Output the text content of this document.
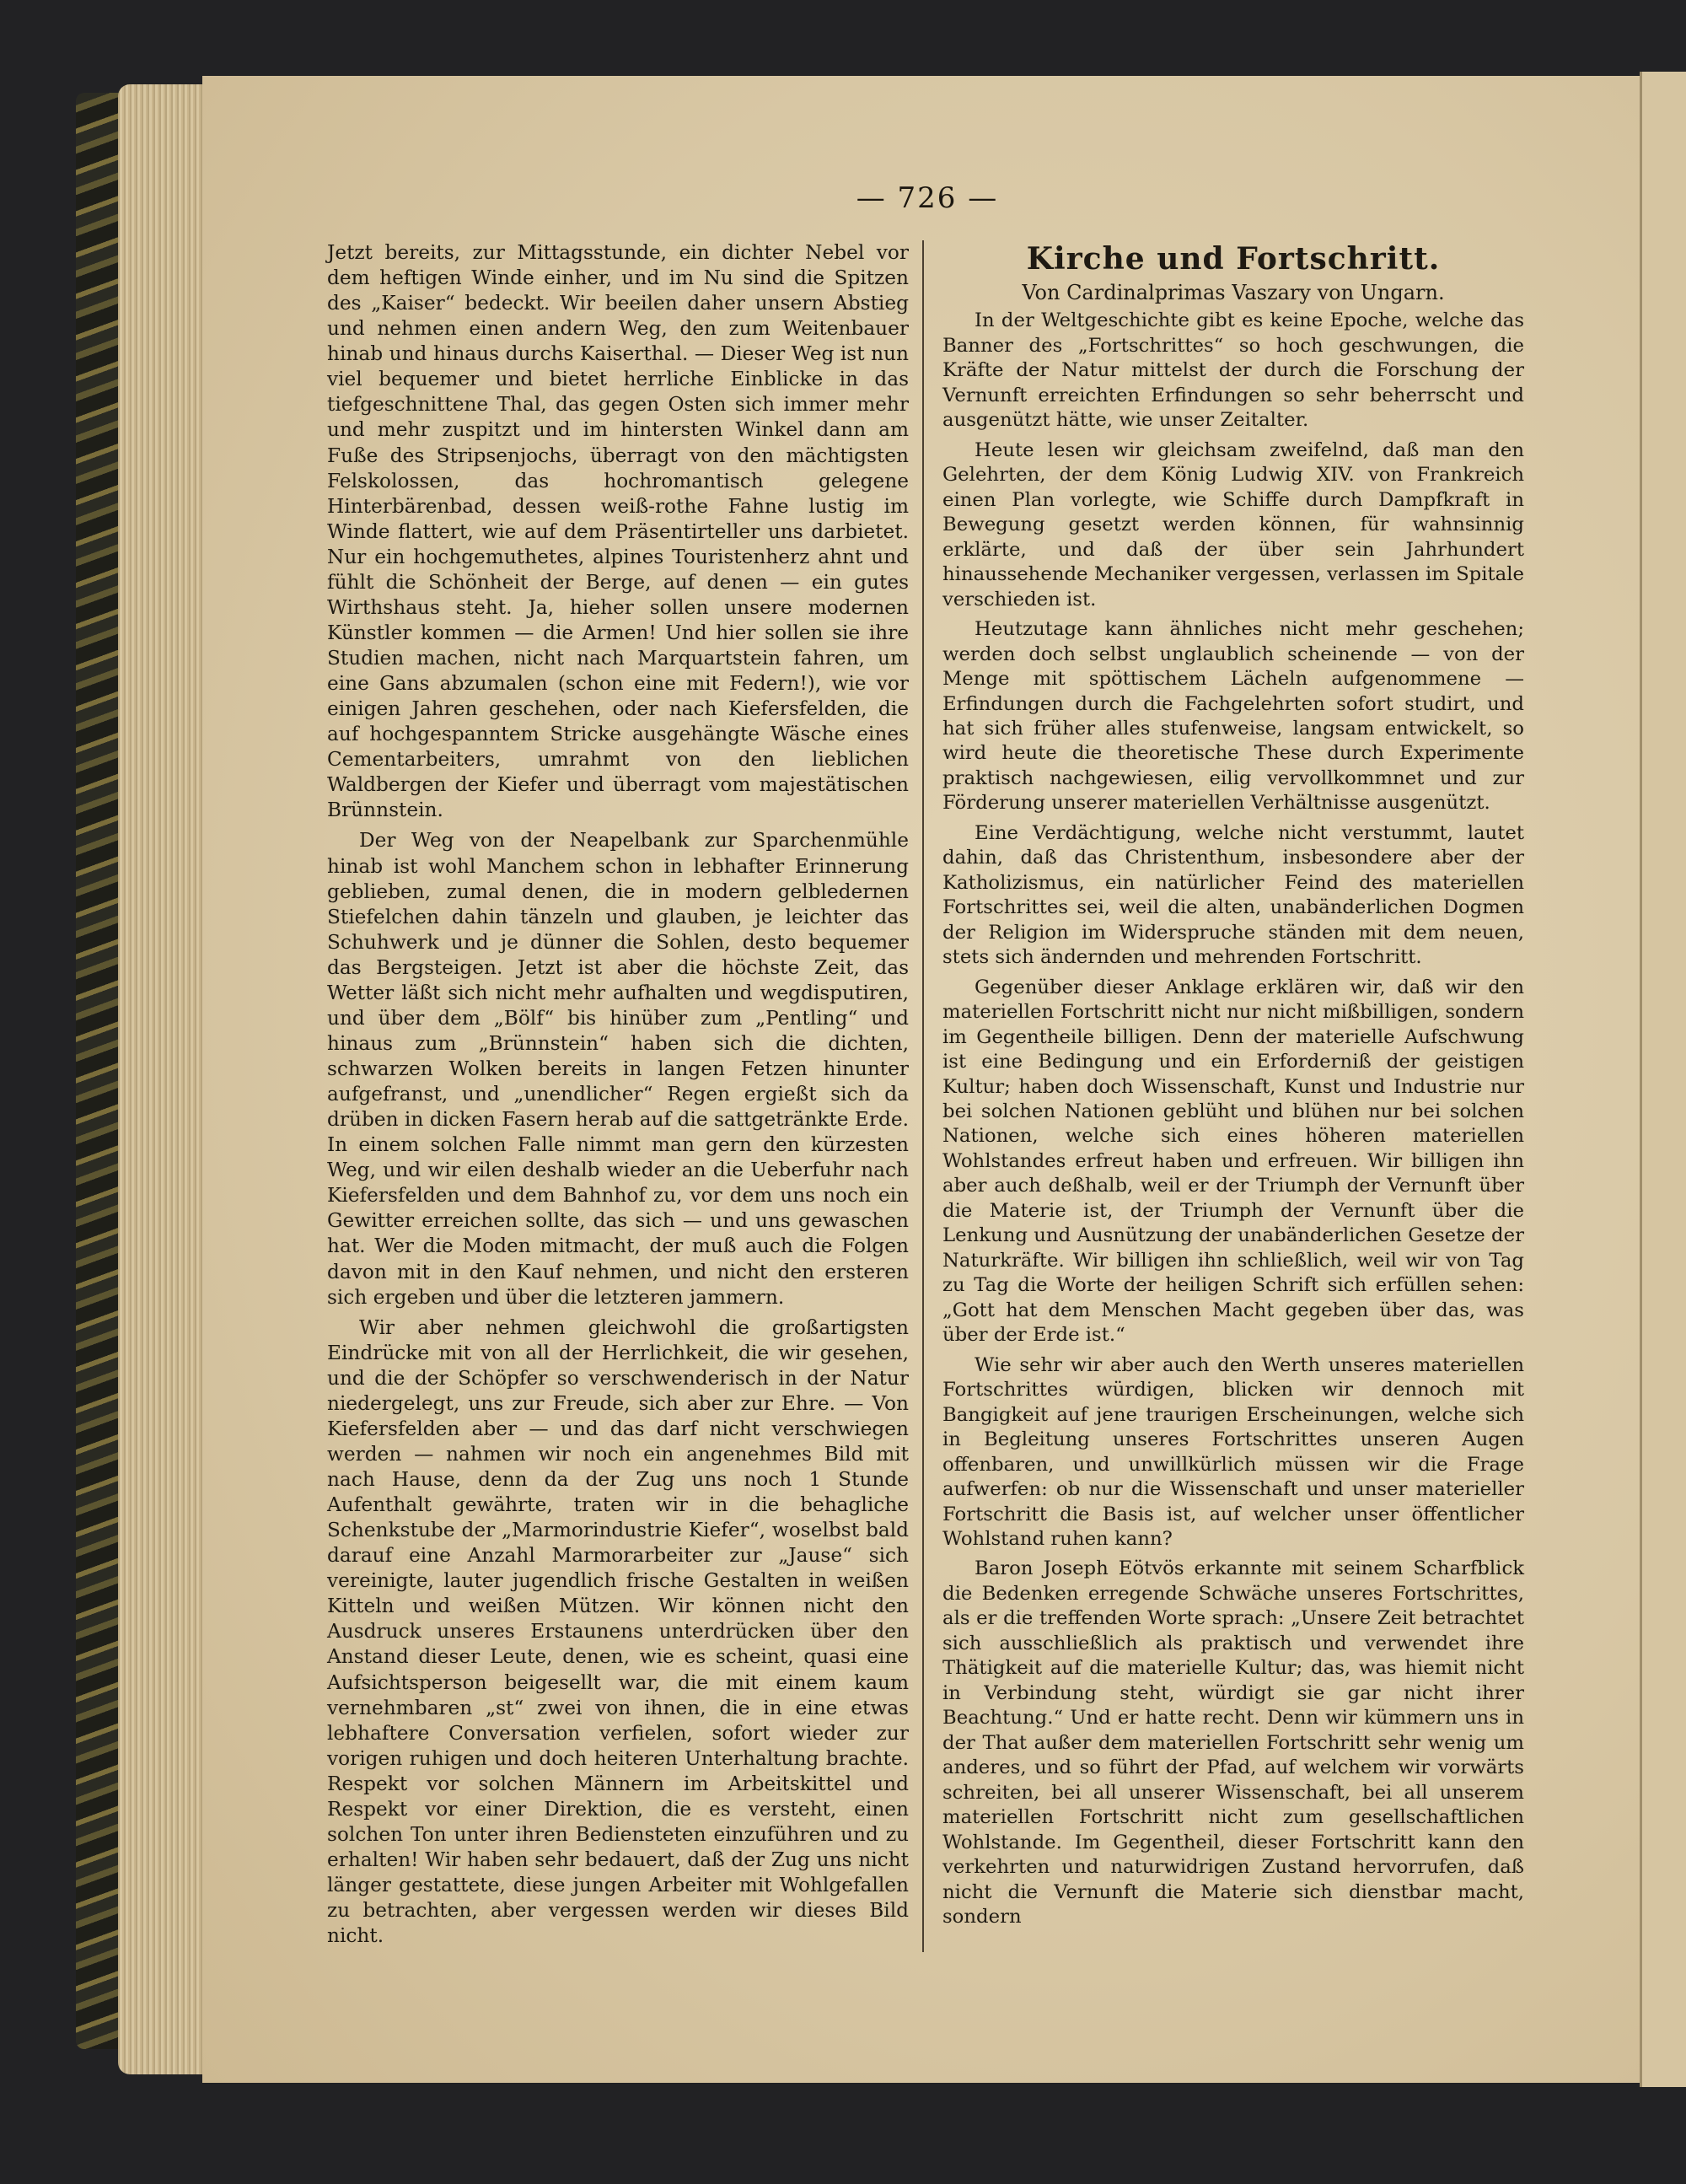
— 726 —

Jetzt bereits, zur Mittagsstunde, ein dichter Nebel vor dem heftigen Winde einher, und im Nu sind die Spitzen des „Kaiser“ bedeckt. Wir beeilen daher unsern Abstieg und nehmen einen andern Weg, den zum Weitenbauer hinab und hinaus durchs Kaiserthal. — Dieser Weg ist nun viel bequemer und bietet herrliche Einblicke in das tiefgeschnittene Thal, das gegen Osten sich immer mehr und mehr zuspitzt und im hintersten Winkel dann am Fuße des Stripsenjochs, überragt von den mächtigsten Felskolossen, das hochromantisch gelegene Hinterbärenbad, dessen weiß-rothe Fahne lustig im Winde flattert, wie auf dem Präsentirteller uns darbietet. Nur ein hochgemuthetes, alpines Touristenherz ahnt und fühlt die Schönheit der Berge, auf denen — ein gutes Wirthshaus steht. Ja, hieher sollen unsere modernen Künstler kommen — die Armen! Und hier sollen sie ihre Studien machen, nicht nach Marquartstein fahren, um eine Gans abzumalen (schon eine mit Federn!), wie vor einigen Jahren geschehen, oder nach Kiefersfelden, die auf hochgespanntem Stricke ausgehängte Wäsche eines Cementarbeiters, umrahmt von den lieblichen Waldbergen der Kiefer und überragt vom majestätischen Brünnstein.

Der Weg von der Neapelbank zur Sparchenmühle hinab ist wohl Manchem schon in lebhafter Erinnerung geblieben, zumal denen, die in modern gelbledernen Stiefelchen dahin tänzeln und glauben, je leichter das Schuhwerk und je dünner die Sohlen, desto bequemer das Bergsteigen. Jetzt ist aber die höchste Zeit, das Wetter läßt sich nicht mehr aufhalten und wegdisputiren, und über dem „Bölf“ bis hinüber zum „Pentling“ und hinaus zum „Brünnstein“ haben sich die dichten, schwarzen Wolken bereits in langen Fetzen hinunter aufgefranst, und „unendlicher“ Regen ergießt sich da drüben in dicken Fasern herab auf die sattgetränkte Erde. In einem solchen Falle nimmt man gern den kürzesten Weg, und wir eilen deshalb wieder an die Ueberfuhr nach Kiefersfelden und dem Bahnhof zu, vor dem uns noch ein Gewitter erreichen sollte, das sich — und uns gewaschen hat. Wer die Moden mitmacht, der muß auch die Folgen davon mit in den Kauf nehmen, und nicht den ersteren sich ergeben und über die letzteren jammern.

Wir aber nehmen gleichwohl die großartigsten Eindrücke mit von all der Herrlichkeit, die wir gesehen, und die der Schöpfer so verschwenderisch in der Natur niedergelegt, uns zur Freude, sich aber zur Ehre. — Von Kiefersfelden aber — und das darf nicht verschwiegen werden — nahmen wir noch ein angenehmes Bild mit nach Hause, denn da der Zug uns noch 1 Stunde Aufenthalt gewährte, traten wir in die behagliche Schenkstube der „Marmorindustrie Kiefer“, woselbst bald darauf eine Anzahl Marmorarbeiter zur „Jause“ sich vereinigte, lauter jugendlich frische Gestalten in weißen Kitteln und weißen Mützen. Wir können nicht den Ausdruck unseres Erstaunens unterdrücken über den Anstand dieser Leute, denen, wie es scheint, quasi eine Aufsichtsperson beigesellt war, die mit einem kaum vernehmbaren „st“ zwei von ihnen, die in eine etwas lebhaftere Conversation verfielen, sofort wieder zur vorigen ruhigen und doch heiteren Unterhaltung brachte. Respekt vor solchen Männern im Arbeitskittel und Respekt vor einer Direktion, die es versteht, einen solchen Ton unter ihren Bediensteten einzuführen und zu erhalten! Wir haben sehr bedauert, daß der Zug uns nicht länger gestattete, diese jungen Arbeiter mit Wohlgefallen zu betrachten, aber vergessen werden wir dieses Bild nicht.

Kirche und Fortschritt.
Von Cardinalprimas Vaszary von Ungarn.

In der Weltgeschichte gibt es keine Epoche, welche das Banner des „Fortschrittes“ so hoch geschwungen, die Kräfte der Natur mittelst der durch die Forschung der Vernunft erreichten Erfindungen so sehr beherrscht und ausgenützt hätte, wie unser Zeitalter.

Heute lesen wir gleichsam zweifelnd, daß man den Gelehrten, der dem König Ludwig XIV. von Frankreich einen Plan vorlegte, wie Schiffe durch Dampfkraft in Bewegung gesetzt werden können, für wahnsinnig erklärte, und daß der über sein Jahrhundert hinaussehende Mechaniker vergessen, verlassen im Spitale verschieden ist.

Heutzutage kann ähnliches nicht mehr geschehen; werden doch selbst unglaublich scheinende — von der Menge mit spöttischem Lächeln aufgenommene — Erfindungen durch die Fachgelehrten sofort studirt, und hat sich früher alles stufenweise, langsam entwickelt, so wird heute die theoretische These durch Experimente praktisch nachgewiesen, eilig vervollkommnet und zur Förderung unserer materiellen Verhältnisse ausgenützt.

Eine Verdächtigung, welche nicht verstummt, lautet dahin, daß das Christenthum, insbesondere aber der Katholizismus, ein natürlicher Feind des materiellen Fortschrittes sei, weil die alten, unabänderlichen Dogmen der Religion im Widerspruche ständen mit dem neuen, stets sich ändernden und mehrenden Fortschritt.

Gegenüber dieser Anklage erklären wir, daß wir den materiellen Fortschritt nicht nur nicht mißbilligen, sondern im Gegentheile billigen. Denn der materielle Aufschwung ist eine Bedingung und ein Erforderniß der geistigen Kultur; haben doch Wissenschaft, Kunst und Industrie nur bei solchen Nationen geblüht und blühen nur bei solchen Nationen, welche sich eines höheren materiellen Wohlstandes erfreut haben und erfreuen. Wir billigen ihn aber auch deßhalb, weil er der Triumph der Vernunft über die Materie ist, der Triumph der Vernunft über die Lenkung und Ausnützung der unabänderlichen Gesetze der Naturkräfte. Wir billigen ihn schließlich, weil wir von Tag zu Tag die Worte der heiligen Schrift sich erfüllen sehen: „Gott hat dem Menschen Macht gegeben über das, was über der Erde ist.“

Wie sehr wir aber auch den Werth unseres materiellen Fortschrittes würdigen, blicken wir dennoch mit Bangigkeit auf jene traurigen Erscheinungen, welche sich in Begleitung unseres Fortschrittes unseren Augen offenbaren, und unwillkürlich müssen wir die Frage aufwerfen: ob nur die Wissenschaft und unser materieller Fortschritt die Basis ist, auf welcher unser öffentlicher Wohlstand ruhen kann?

Baron Joseph Eötvös erkannte mit seinem Scharfblick die Bedenken erregende Schwäche unseres Fortschrittes, als er die treffenden Worte sprach: „Unsere Zeit betrachtet sich ausschließlich als praktisch und verwendet ihre Thätigkeit auf die materielle Kultur; das, was hiemit nicht in Verbindung steht, würdigt sie gar nicht ihrer Beachtung.“ Und er hatte recht. Denn wir kümmern uns in der That außer dem materiellen Fortschritt sehr wenig um anderes, und so führt der Pfad, auf welchem wir vorwärts schreiten, bei all unserer Wissenschaft, bei all unserem materiellen Fortschritt nicht zum gesellschaftlichen Wohlstande. Im Gegentheil, dieser Fortschritt kann den verkehrten und naturwidrigen Zustand hervorrufen, daß nicht die Vernunft die Materie sich dienstbar macht, sondern
